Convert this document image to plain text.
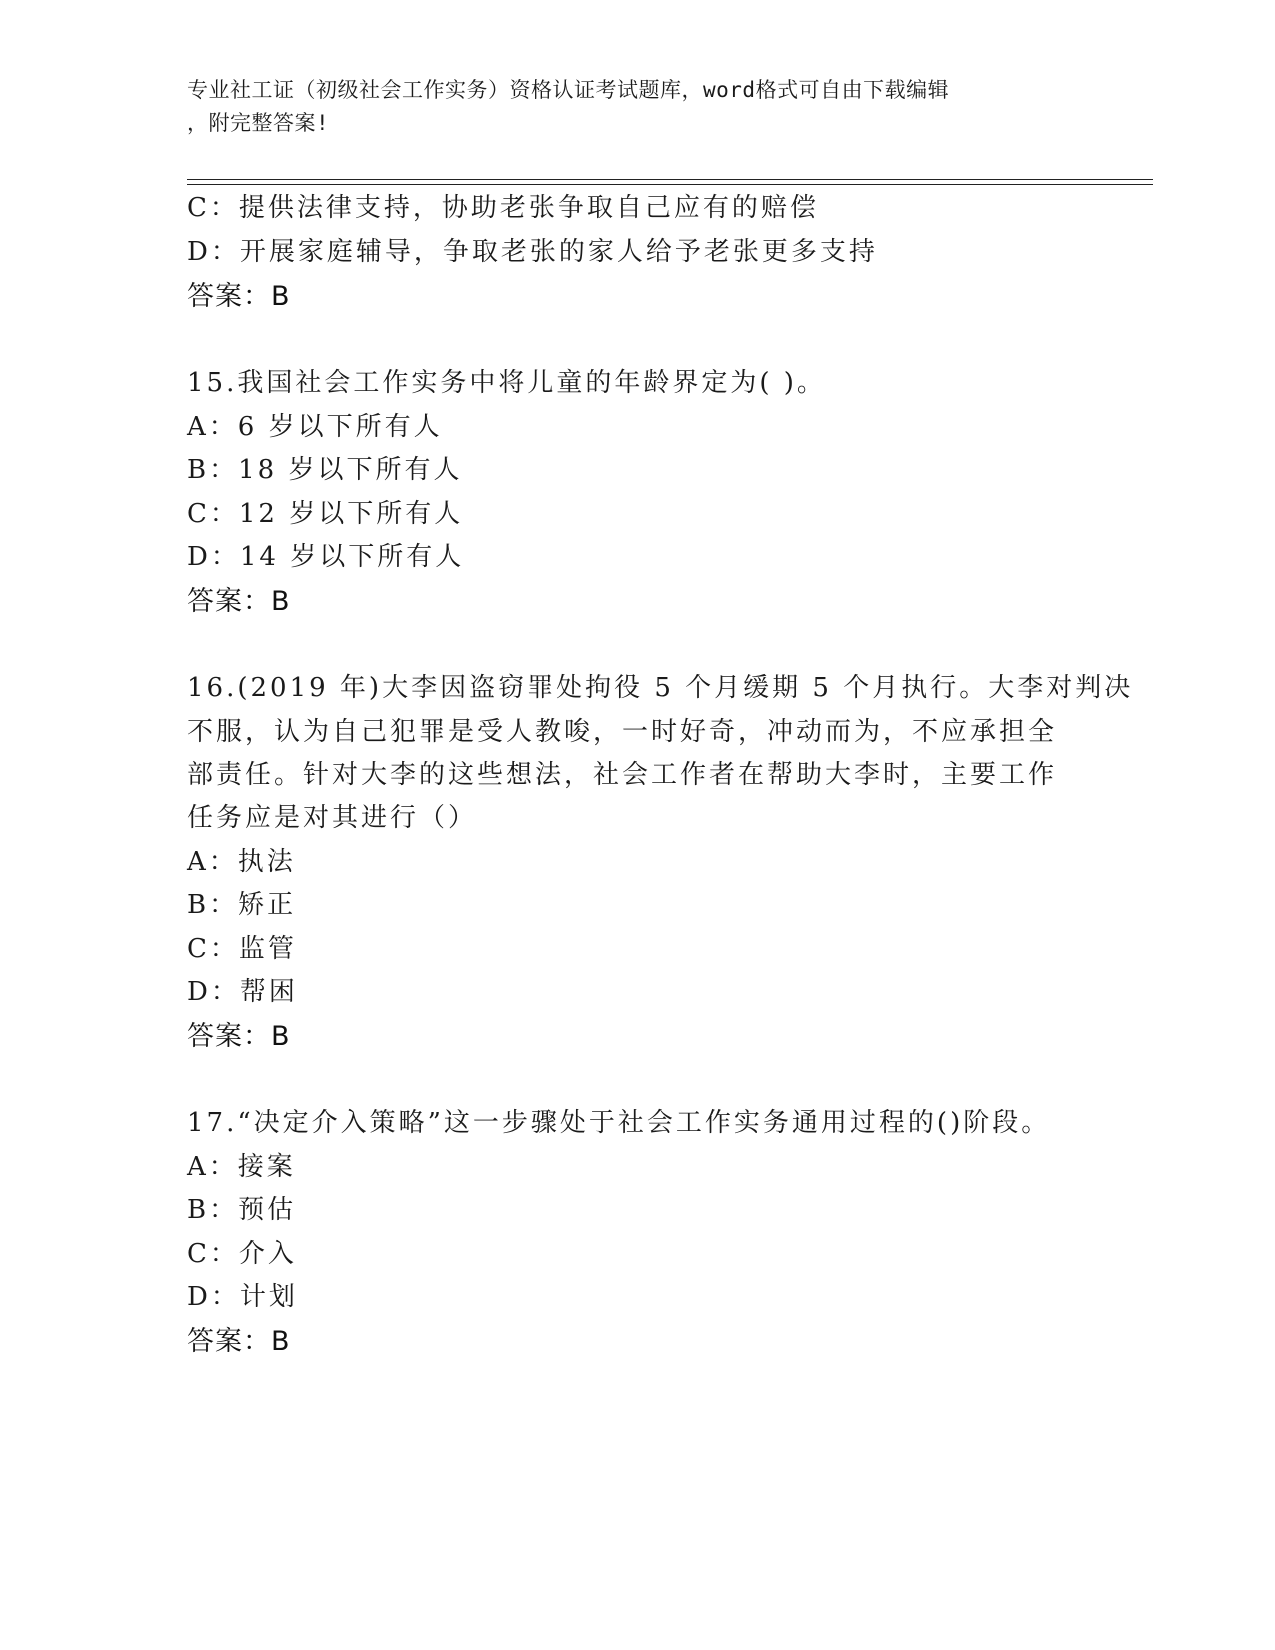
专业社工证（初级社会工作实务）资格认证考试题库，word格式可自由下载编辑
，附完整答案!
C：提供法律支持，协助老张争取自己应有的赔偿
D：开展家庭辅导，争取老张的家人给予老张更多支持
答案：B
15.我国社会工作实务中将儿童的年龄界定为( )。
A：6 岁以下所有人
B：18 岁以下所有人
C：12 岁以下所有人
D：14 岁以下所有人
答案：B
16.(2019 年)大李因盗窃罪处拘役 5 个月缓期 5 个月执行。大李对判决
不服，认为自己犯罪是受人教唆，一时好奇，冲动而为，不应承担全
部责任。针对大李的这些想法，社会工作者在帮助大李时，主要工作
任务应是对其进行（）
A：执法
B：矫正
C：监管
D：帮困
答案：B
17.“决定介入策略”这一步骤处于社会工作实务通用过程的()阶段。
A：接案
B：预估
C：介入
D：计划
答案：B
